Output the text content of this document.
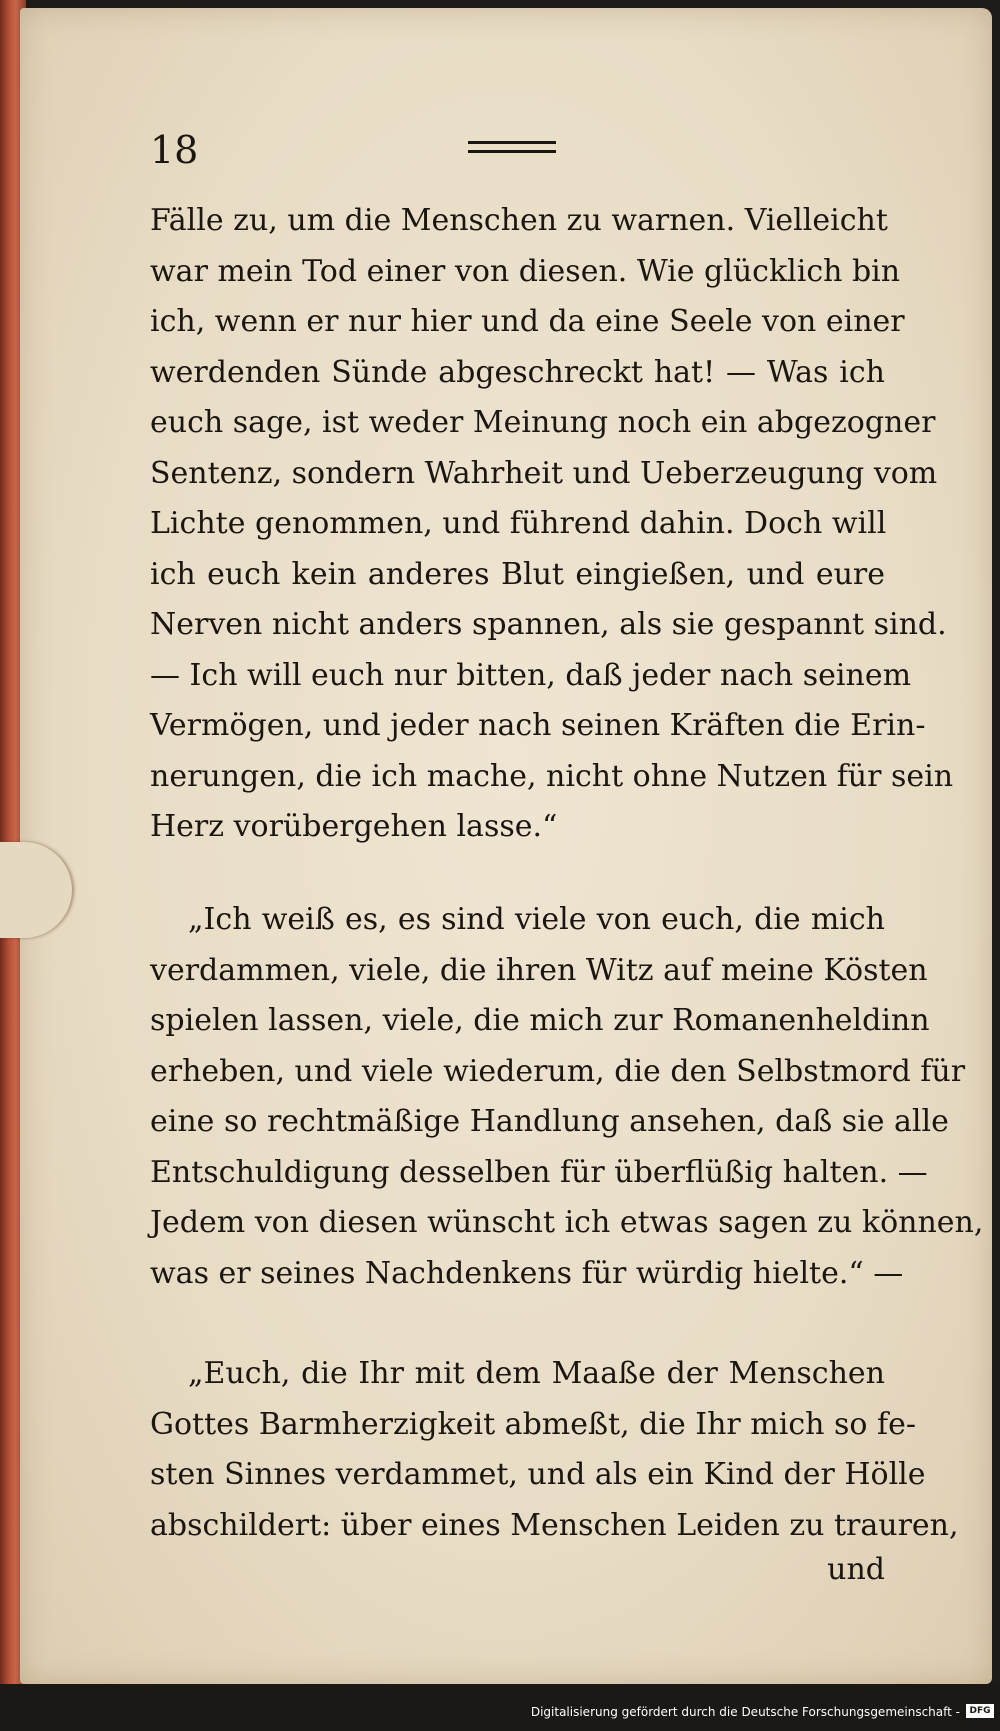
18

Fälle zu, um die Menschen zu warnen. Vielleicht
war mein Tod einer von diesen. Wie glücklich bin
ich, wenn er nur hier und da eine Seele von einer
werdenden Sünde abgeschreckt hat! — Was ich
euch sage, ist weder Meinung noch ein abgezogner
Sentenz, sondern Wahrheit und Ueberzeugung vom
Lichte genommen, und führend dahin. Doch will
ich euch kein anderes Blut eingießen, und eure
Nerven nicht anders spannen, als sie gespannt sind.
— Ich will euch nur bitten, daß jeder nach seinem
Vermögen, und jeder nach seinen Kräften die Erin-
nerungen, die ich mache, nicht ohne Nutzen für sein
Herz vorübergehen lasse.“
„Ich weiß es, es sind viele von euch, die mich
verdammen, viele, die ihren Witz auf meine Kösten
spielen lassen, viele, die mich zur Romanenheldinn
erheben, und viele wiederum, die den Selbstmord für
eine so rechtmäßige Handlung ansehen, daß sie alle
Entschuldigung desselben für überflüßig halten. —
Jedem von diesen wünscht ich etwas sagen zu können,
was er seines Nachdenkens für würdig hielte.“ —
„Euch, die Ihr mit dem Maaße der Menschen
Gottes Barmherzigkeit abmeßt, die Ihr mich so fe-
sten Sinnes verdammet, und als ein Kind der Hölle
abschildert: über eines Menschen Leiden zu trauren,
und

Digitalisierung gefördert durch die Deutsche Forschungsgemeinschaft -	DFG
